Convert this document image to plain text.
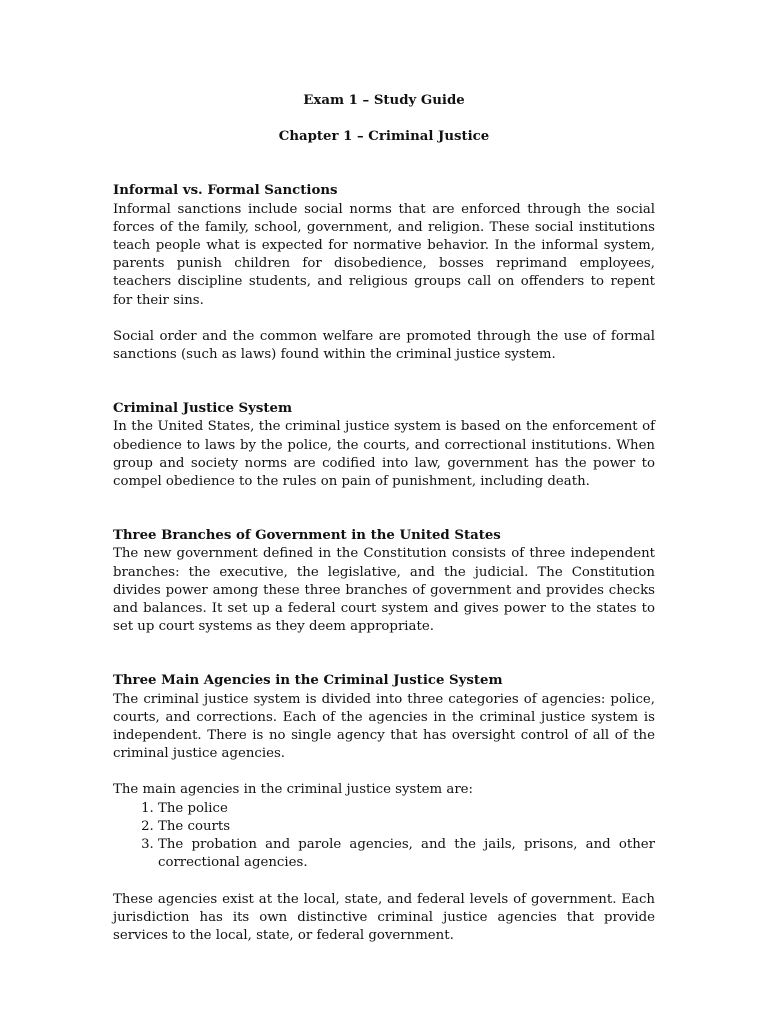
Exam 1 – Study Guide
Chapter 1 – Criminal Justice
Informal vs. Formal Sanctions

Informal sanctions include social norms that are enforced through the social forces of the family, school, government, and religion. These social institutions teach people what is expected for normative behavior. In the informal system, parents punish children for disobedience, bosses reprimand employees, teachers discipline students, and religious groups call on offenders to repent for their sins.

Social order and the common welfare are promoted through the use of formal sanctions (such as laws) found within the criminal justice system.

Criminal Justice System

In the United States, the criminal justice system is based on the enforcement of obedience to laws by the police, the courts, and correctional institutions. When group and society norms are codified into law, government has the power to compel obedience to the rules on pain of punishment, including death.

Three Branches of Government in the United States

The new government defined in the Constitution consists of three independent branches: the executive, the legislative, and the judicial. The Constitution divides power among these three branches of government and provides checks and balances. It set up a federal court system and gives power to the states to set up court systems as they deem appropriate.

Three Main Agencies in the Criminal Justice System

The criminal justice system is divided into three categories of agencies: police, courts, and corrections. Each of the agencies in the criminal justice system is independent. There is no single agency that has oversight control of all of the criminal justice agencies.

The main agencies in the criminal justice system are:

1. The police
2. The courts
3. The probation and parole agencies, and the jails, prisons, and other correctional agencies.

These agencies exist at the local, state, and federal levels of government. Each jurisdiction has its own distinctive criminal justice agencies that provide services to the local, state, or federal government.
